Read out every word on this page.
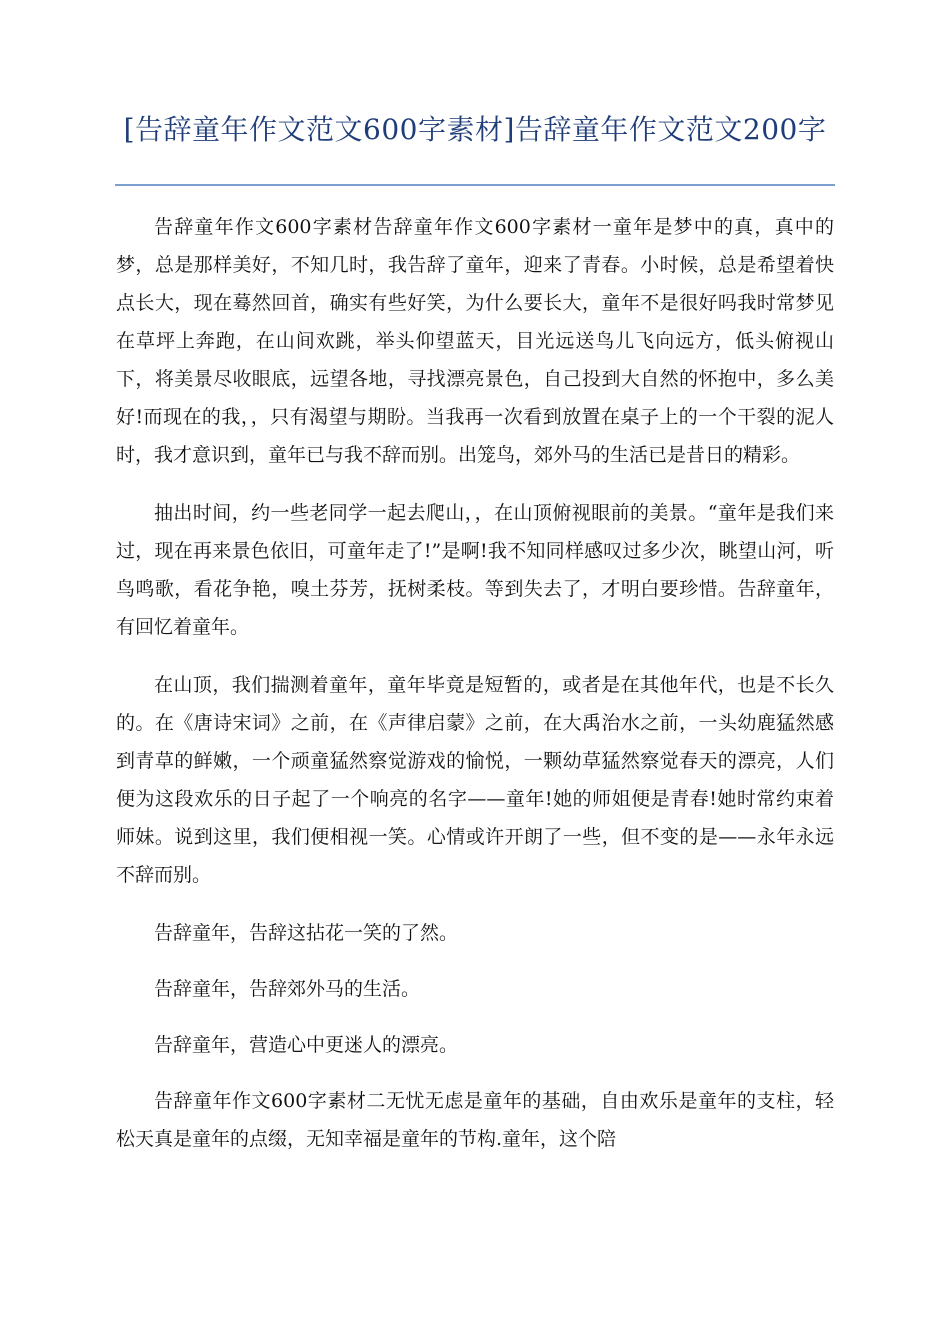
[告辞童年作文范文600字素材]告辞童年作文范文200字

告辞童年作文600字素材告辞童年作文600字素材一童年是梦中的真，真中的梦，总是那样美好，不知几时，我告辞了童年，迎来了青春。小时候，总是希望着快点长大，现在蓦然回首，确实有些好笑，为什么要长大，童年不是很好吗我时常梦见在草坪上奔跑，在山间欢跳，举头仰望蓝天，目光远送鸟儿飞向远方，低头俯视山下，将美景尽收眼底，远望各地，寻找漂亮景色，自己投到大自然的怀抱中，多么美好!而现在的我，，只有渴望与期盼。当我再一次看到放置在桌子上的一个干裂的泥人时，我才意识到，童年已与我不辞而别。出笼鸟，郊外马的生活已是昔日的精彩。

抽出时间，约一些老同学一起去爬山，，在山顶俯视眼前的美景。“童年是我们来过，现在再来景色依旧，可童年走了!”是啊!我不知同样感叹过多少次，眺望山河，听鸟鸣歌，看花争艳，嗅土芬芳，抚树柔枝。等到失去了，才明白要珍惜。告辞童年，有回忆着童年。

在山顶，我们揣测着童年，童年毕竟是短暂的，或者是在其他年代，也是不长久的。在《唐诗宋词》之前，在《声律启蒙》之前，在大禹治水之前，一头幼鹿猛然感到青草的鲜嫩，一个顽童猛然察觉游戏的愉悦，一颗幼草猛然察觉春天的漂亮，人们便为这段欢乐的日子起了一个响亮的名字——童年!她的师姐便是青春!她时常约束着师妹。说到这里，我们便相视一笑。心情或许开朗了一些，但不变的是——永年永远不辞而别。

告辞童年，告辞这拈花一笑的了然。

告辞童年，告辞郊外马的生活。

告辞童年，营造心中更迷人的漂亮。

告辞童年作文600字素材二无忧无虑是童年的基础，自由欢乐是童年的支柱，轻松天真是童年的点缀，无知幸福是童年的节构.童年，这个陪
